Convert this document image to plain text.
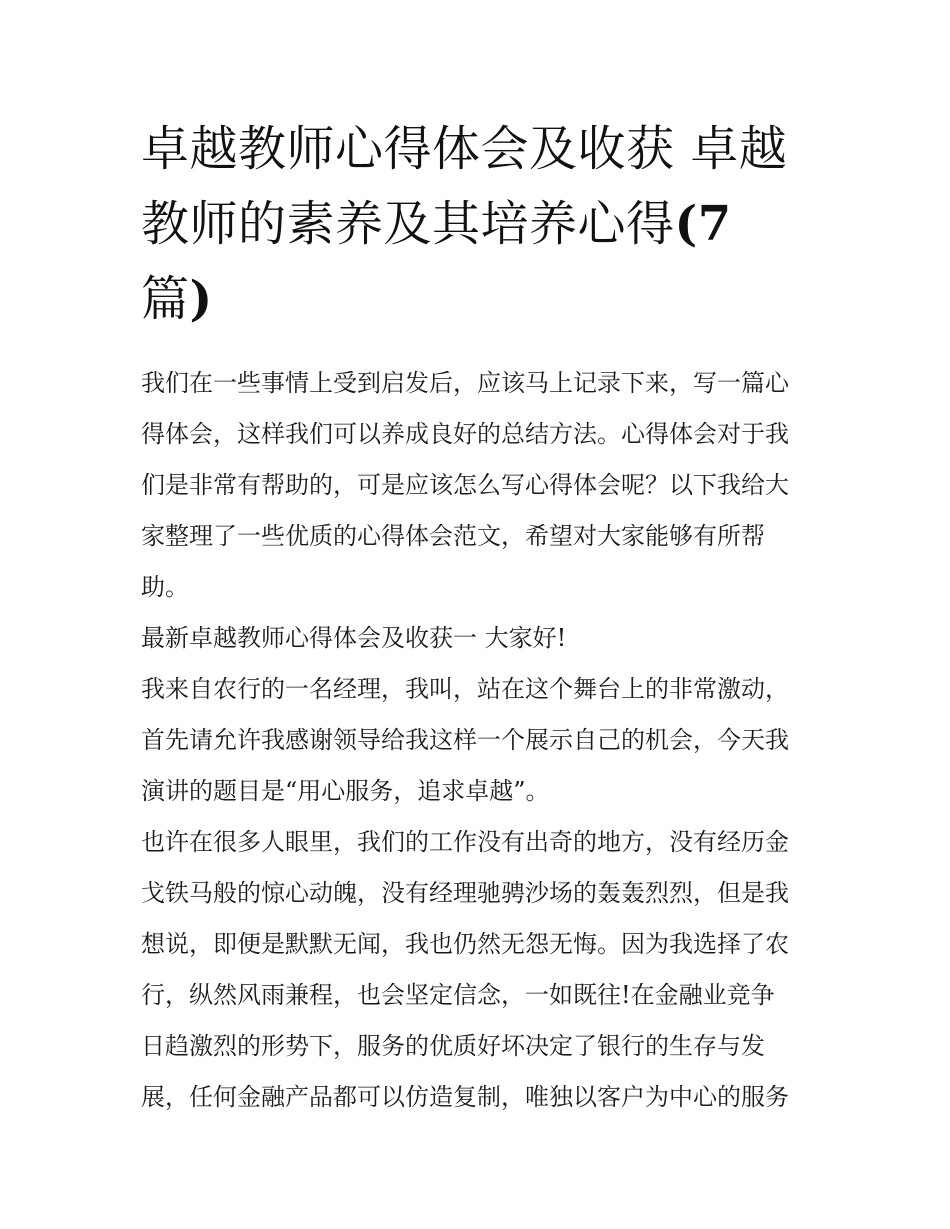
卓越教师心得体会及收获 卓越
教师的素养及其培养心得(7
篇)

我们在一些事情上受到启发后，应该马上记录下来，写一篇心
得体会，这样我们可以养成良好的总结方法。心得体会对于我
们是非常有帮助的，可是应该怎么写心得体会呢？以下我给大
家整理了一些优质的心得体会范文，希望对大家能够有所帮
助。

最新卓越教师心得体会及收获一 大家好!

我来自农行的一名经理，我叫，站在这个舞台上的非常激动，
首先请允许我感谢领导给我这样一个展示自己的机会，今天我
演讲的题目是“用心服务，追求卓越”。

也许在很多人眼里，我们的工作没有出奇的地方，没有经历金
戈铁马般的惊心动魄，没有经理驰骋沙场的轰轰烈烈，但是我
想说，即便是默默无闻，我也仍然无怨无悔。因为我选择了农
行，纵然风雨兼程，也会坚定信念，一如既往!在金融业竞争
日趋激烈的形势下，服务的优质好坏决定了银行的生存与发
展，任何金融产品都可以仿造复制，唯独以客户为中心的服务
